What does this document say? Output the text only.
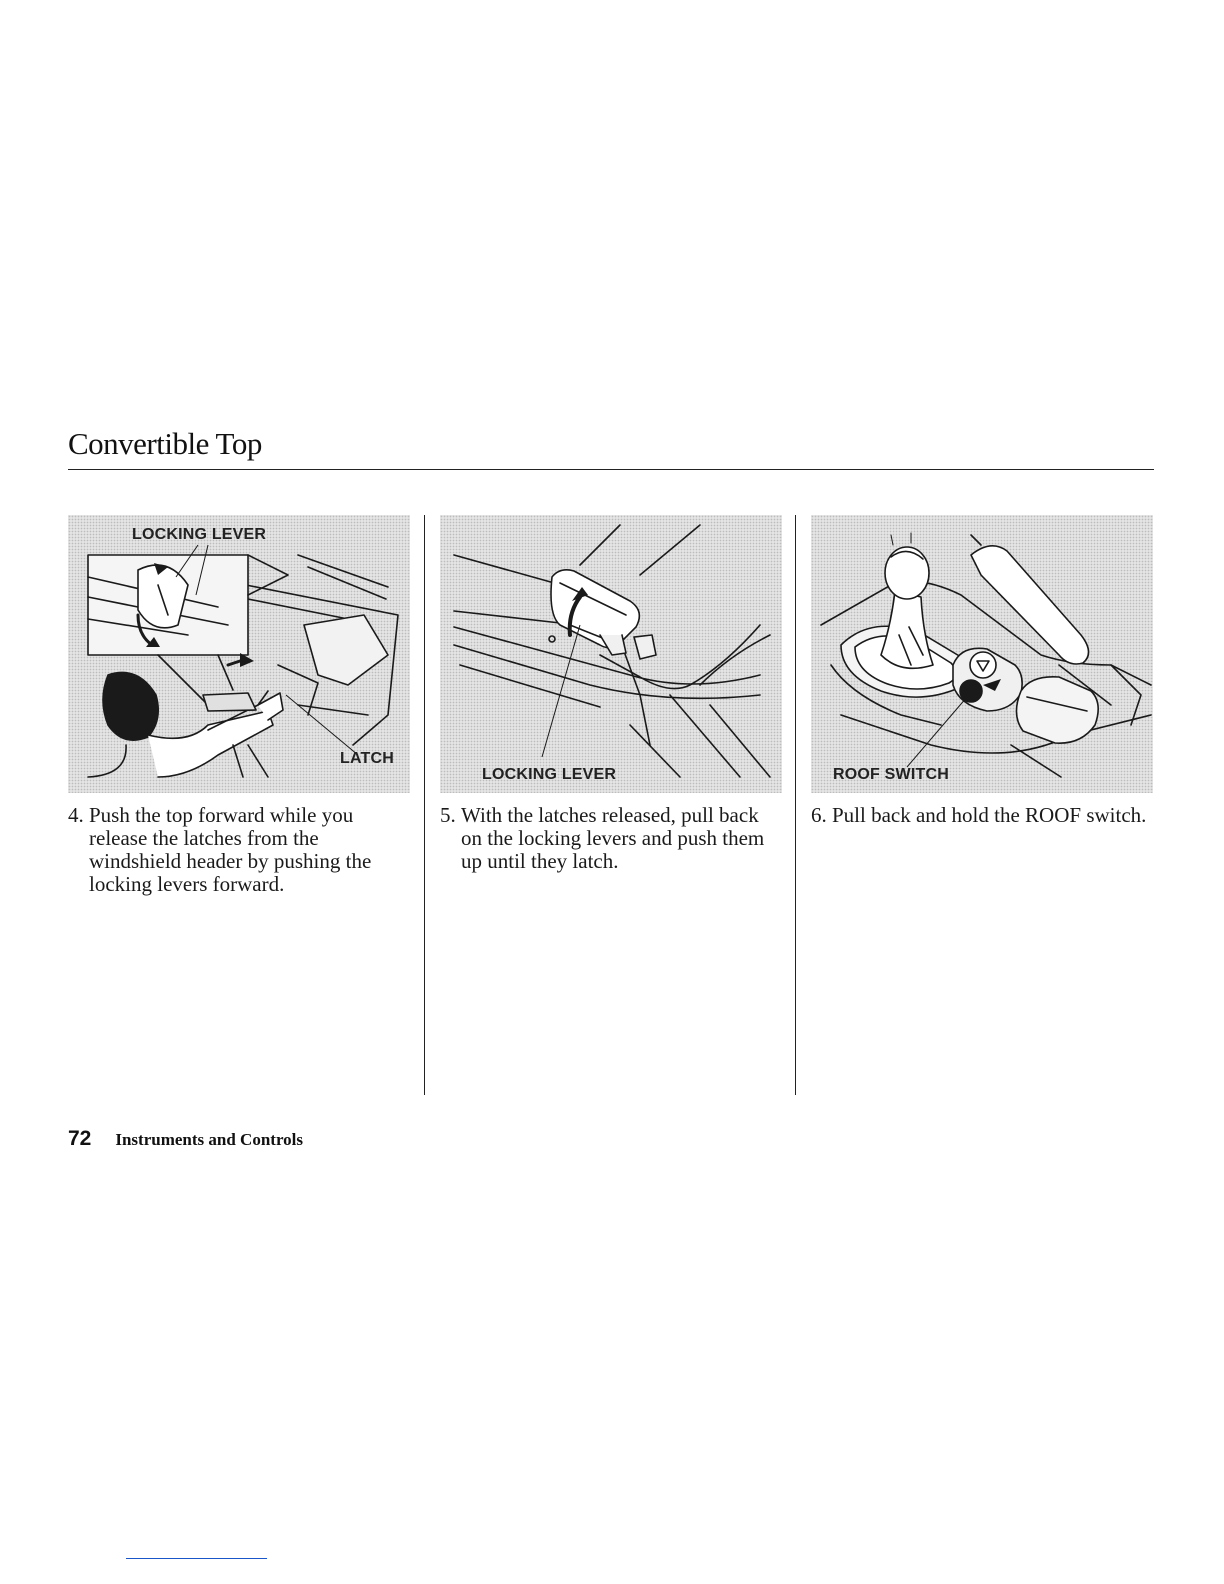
Convertible Top
LOCKING LEVER
LATCH
4. Push the top forward while you release the latches from the windshield header by pushing the locking levers forward.
LOCKING LEVER
5. With the latches released, pull back on the locking levers and push them up until they latch.
ROOF SWITCH
6. Pull back and hold the ROOF switch.
72 Instruments and Controls
